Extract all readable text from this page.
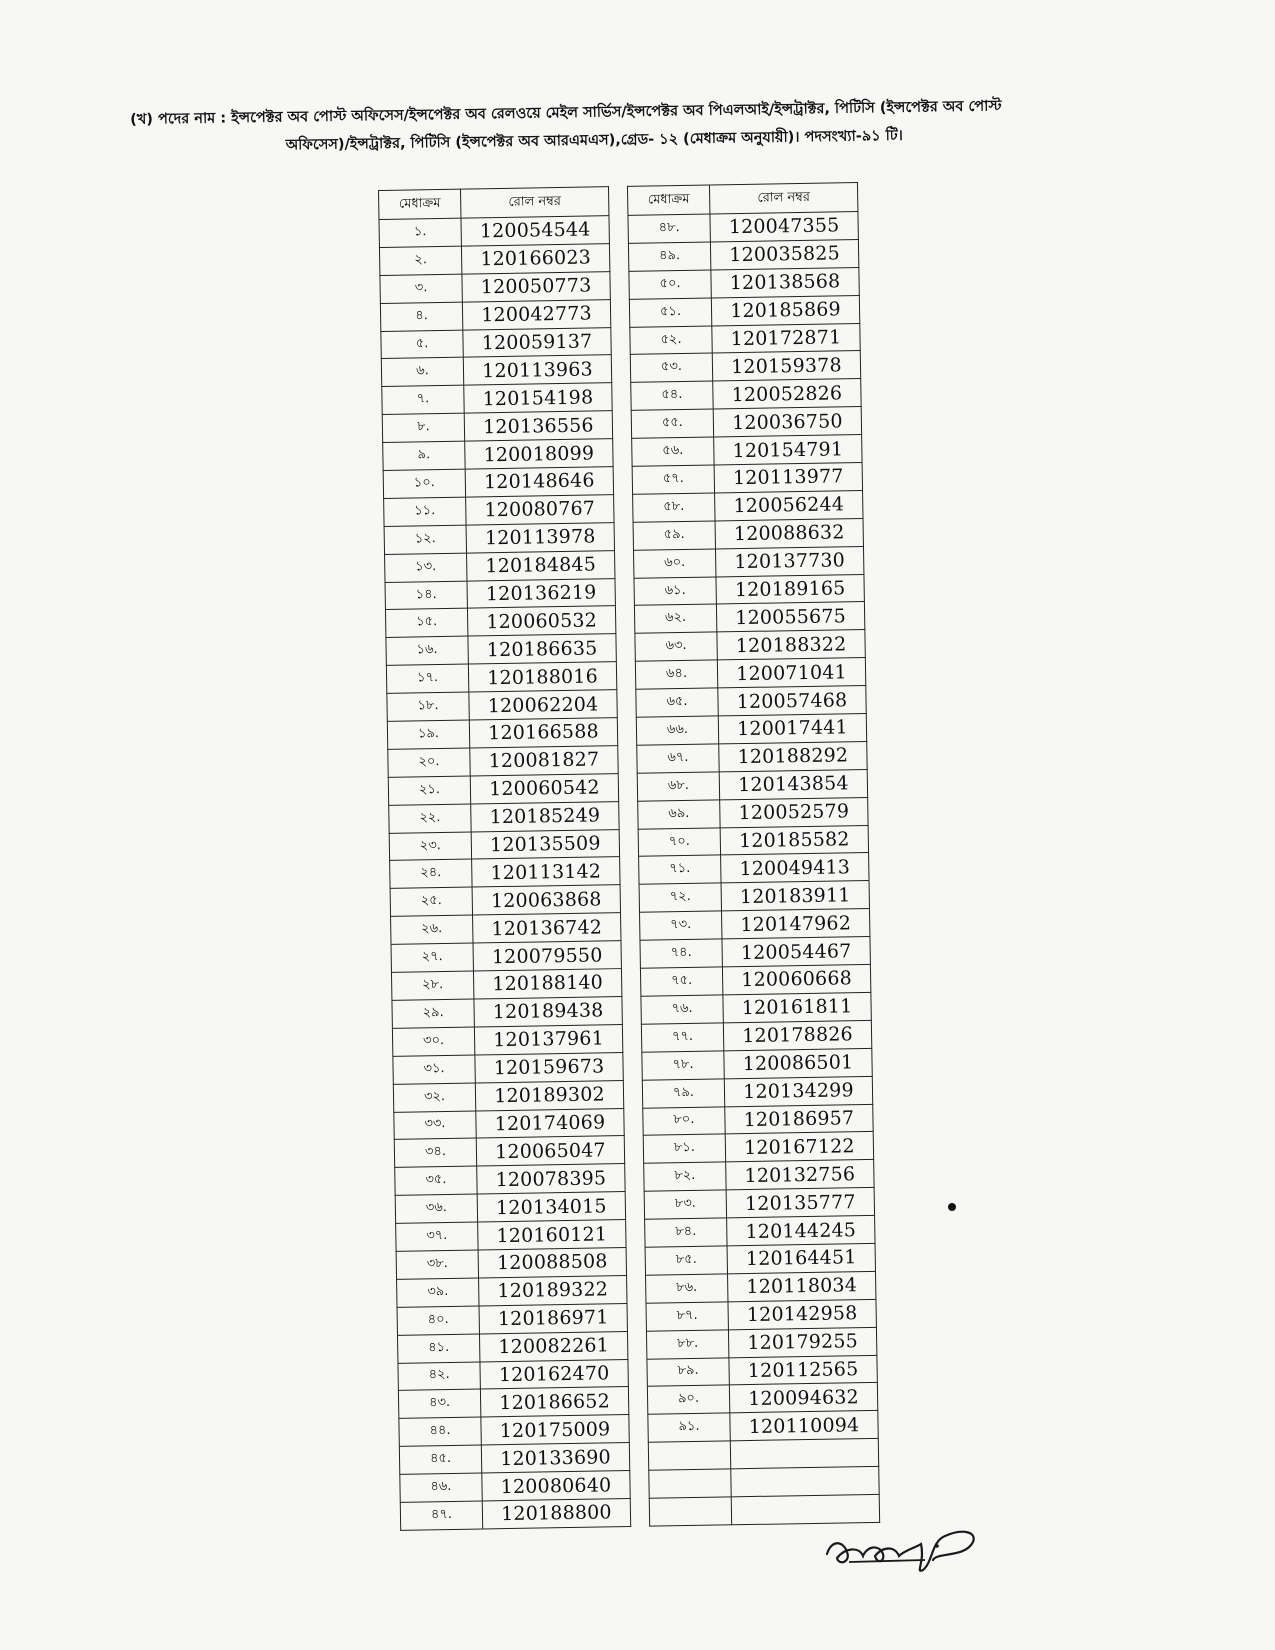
(খ) পদের নাম : ইন্সপেক্টর অব পোস্ট অফিসেস/ইন্সপেক্টর অব রেলওয়ে মেইল সার্ভিস/ইন্সপেক্টর অব পিএলআই/ইন্সট্রাক্টর, পিটিসি (ইন্সপেক্টর অব পোস্ট
অফিসেস)/ইন্সট্রাক্টর, পিটিসি (ইন্সপেক্টর অব আরএমএস),গ্রেড- ১২ (মেধাক্রম অনুযায়ী)। পদসংখ্যা-৯১ টি।
মেধাক্রম	রোল নম্বর
১.	120054544
২.	120166023
৩.	120050773
৪.	120042773
৫.	120059137
৬.	120113963
৭.	120154198
৮.	120136556
৯.	120018099
১০.	120148646
১১.	120080767
১২.	120113978
১৩.	120184845
১৪.	120136219
১৫.	120060532
১৬.	120186635
১৭.	120188016
১৮.	120062204
১৯.	120166588
২০.	120081827
২১.	120060542
২২.	120185249
২৩.	120135509
২৪.	120113142
২৫.	120063868
২৬.	120136742
২৭.	120079550
২৮.	120188140
২৯.	120189438
৩০.	120137961
৩১.	120159673
৩২.	120189302
৩৩.	120174069
৩৪.	120065047
৩৫.	120078395
৩৬.	120134015
৩৭.	120160121
৩৮.	120088508
৩৯.	120189322
৪০.	120186971
৪১.	120082261
৪২.	120162470
৪৩.	120186652
৪৪.	120175009
৪৫.	120133690
৪৬.	120080640
৪৭.	120188800
মেধাক্রম	রোল নম্বর
৪৮.	120047355
৪৯.	120035825
৫০.	120138568
৫১.	120185869
৫২.	120172871
৫৩.	120159378
৫৪.	120052826
৫৫.	120036750
৫৬.	120154791
৫৭.	120113977
৫৮.	120056244
৫৯.	120088632
৬০.	120137730
৬১.	120189165
৬২.	120055675
৬৩.	120188322
৬৪.	120071041
৬৫.	120057468
৬৬.	120017441
৬৭.	120188292
৬৮.	120143854
৬৯.	120052579
৭০.	120185582
৭১.	120049413
৭২.	120183911
৭৩.	120147962
৭৪.	120054467
৭৫.	120060668
৭৬.	120161811
৭৭.	120178826
৭৮.	120086501
৭৯.	120134299
৮০.	120186957
৮১.	120167122
৮২.	120132756
৮৩.	120135777
৮৪.	120144245
৮৫.	120164451
৮৬.	120118034
৮৭.	120142958
৮৮.	120179255
৮৯.	120112565
৯০.	120094632
৯১.	120110094
